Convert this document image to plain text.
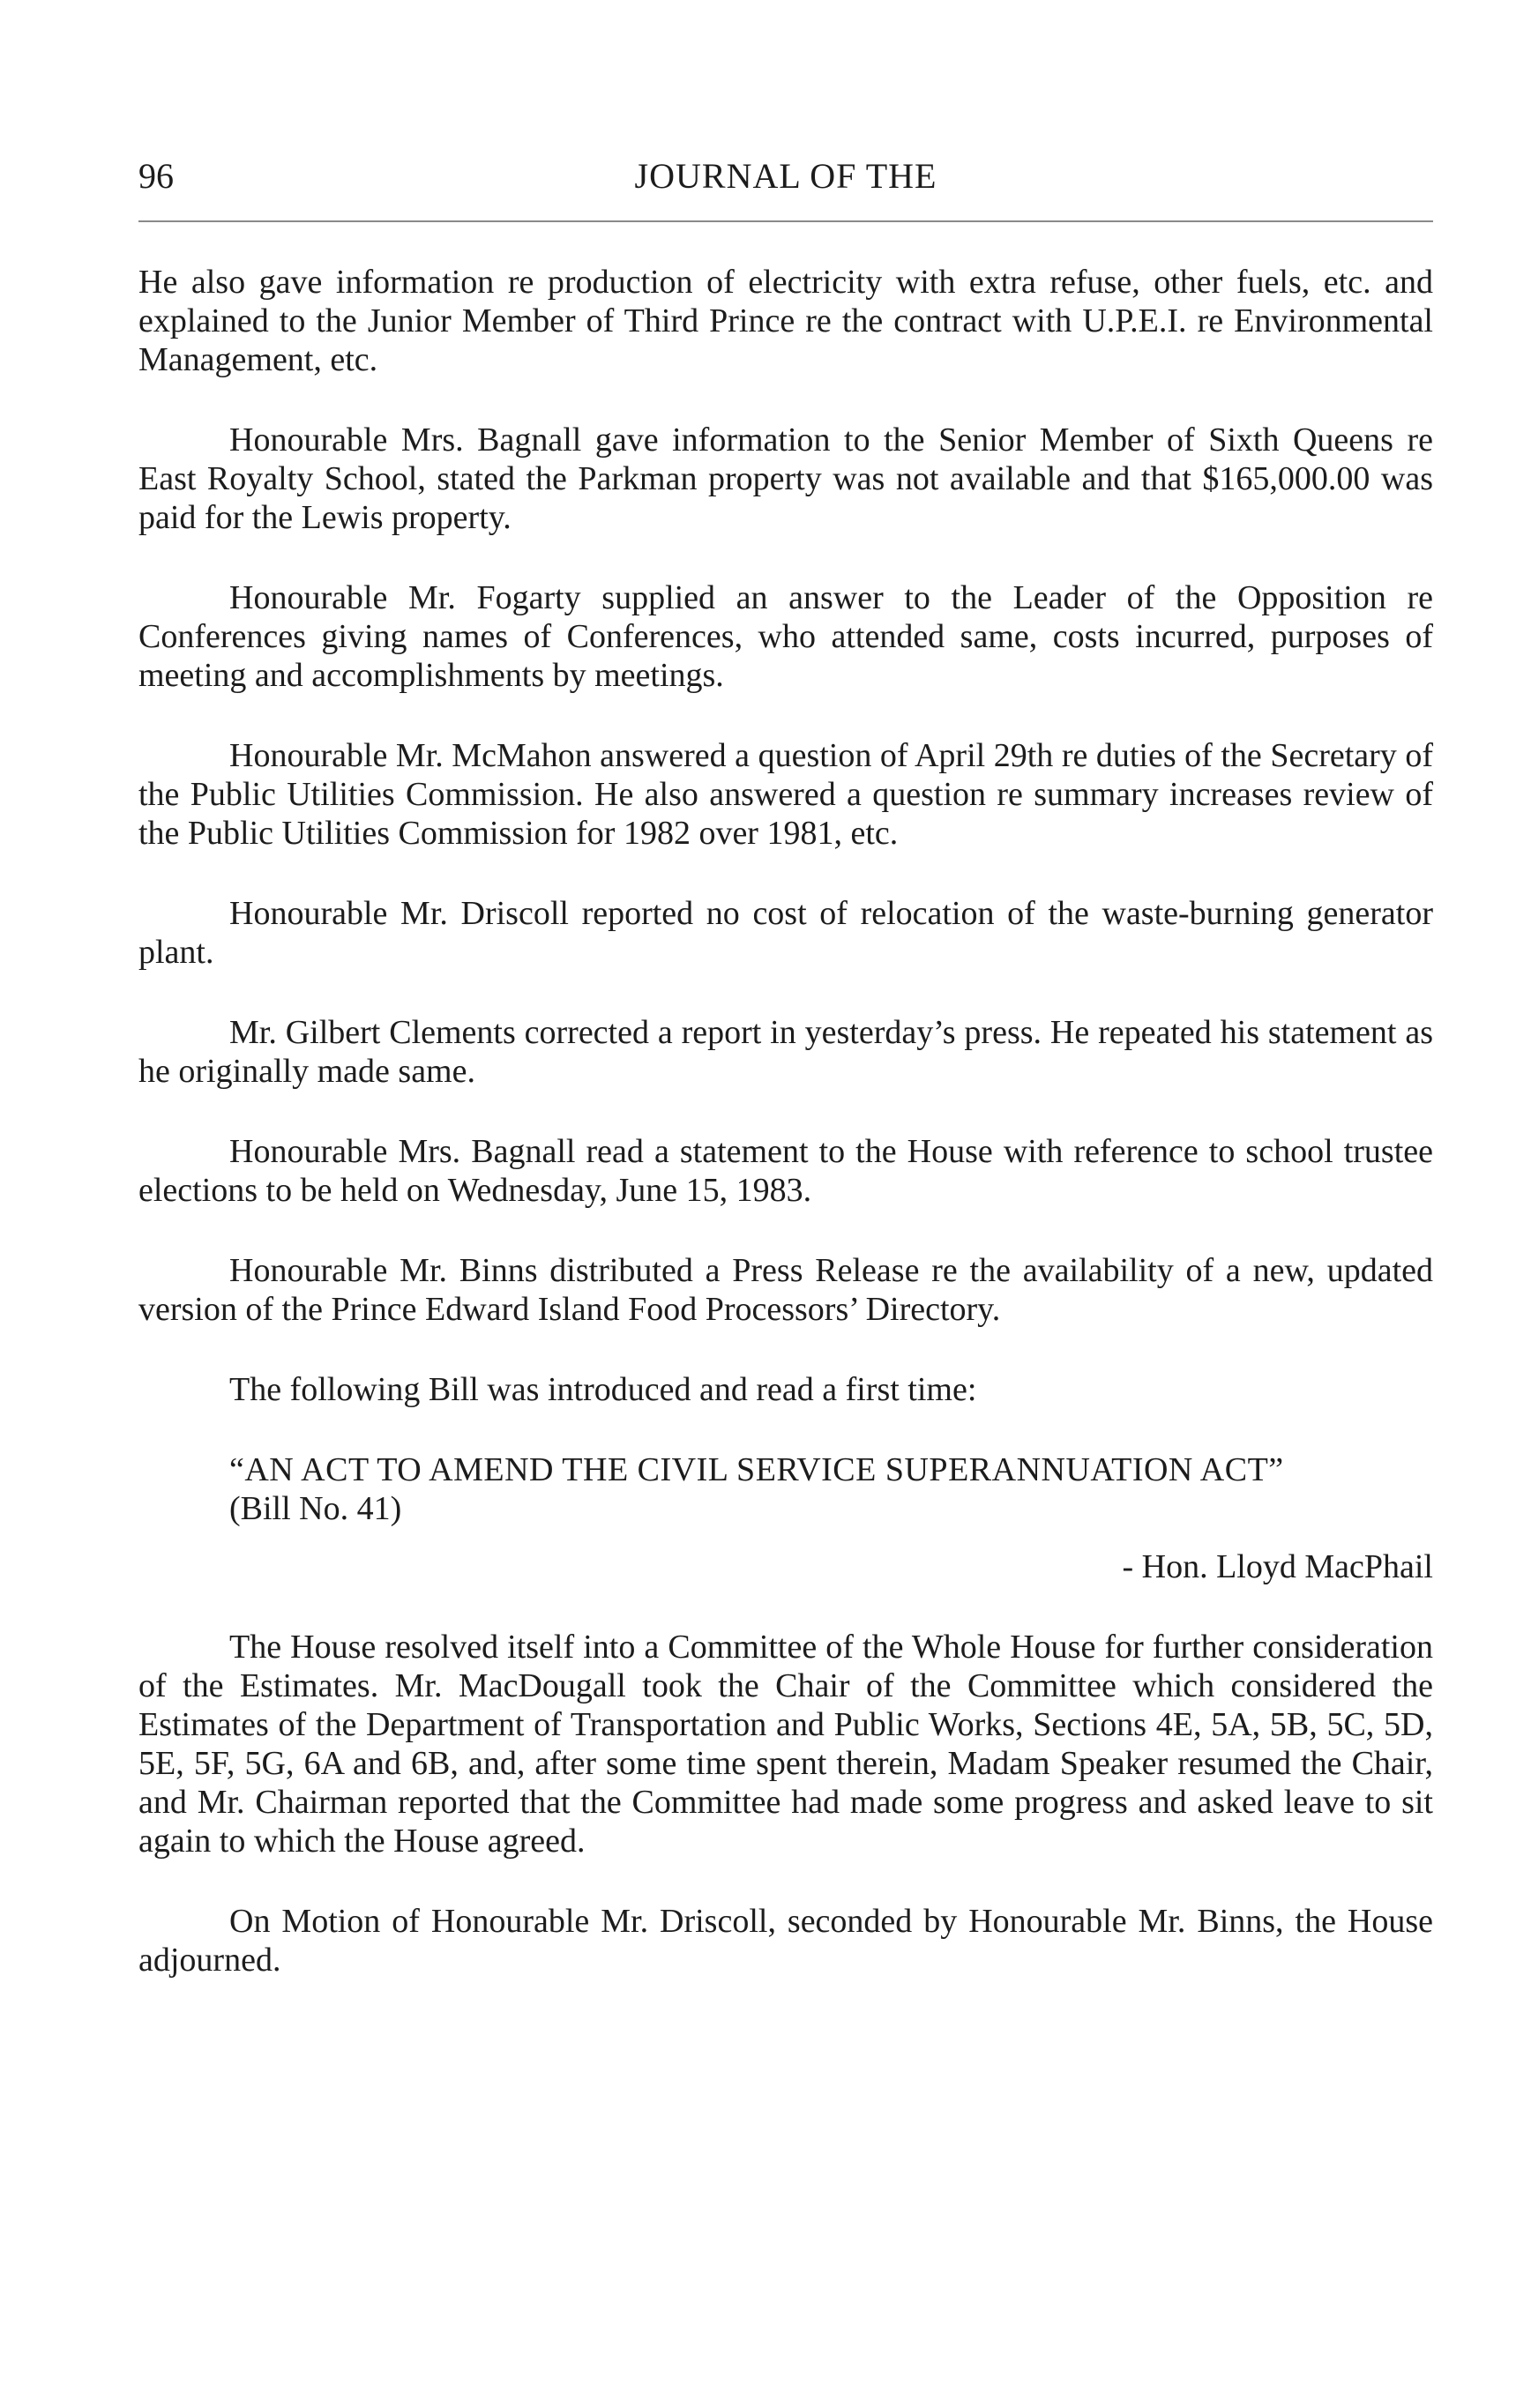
96	JOURNAL OF THE

He also gave information re production of electricity with extra refuse, other fuels, etc. and explained to the Junior Member of Third Prince re the contract with U.P.E.I. re Environmental Management, etc.

Honourable Mrs. Bagnall gave information to the Senior Member of Sixth Queens re East Royalty School, stated the Parkman property was not available and that $165,000.00 was paid for the Lewis property.

Honourable Mr. Fogarty supplied an answer to the Leader of the Opposition re Conferences giving names of Conferences, who attended same, costs incurred, purposes of meeting and accomplishments by meetings.

Honourable Mr. McMahon answered a question of April 29th re duties of the Secretary of the Public Utilities Commission. He also answered a question re summary increases review of the Public Utilities Commission for 1982 over 1981, etc.

Honourable Mr. Driscoll reported no cost of relocation of the waste-burning generator plant.

Mr. Gilbert Clements corrected a report in yesterday’s press. He repeated his statement as he originally made same.

Honourable Mrs. Bagnall read a statement to the House with reference to school trustee elections to be held on Wednesday, June 15, 1983.

Honourable Mr. Binns distributed a Press Release re the availability of a new, updated version of the Prince Edward Island Food Processors’ Directory.

The following Bill was introduced and read a first time:

“AN ACT TO AMEND THE CIVIL SERVICE SUPERANNUATION ACT”
(Bill No. 41)
- Hon. Lloyd MacPhail

The House resolved itself into a Committee of the Whole House for further consideration of the Estimates. Mr. MacDougall took the Chair of the Committee which considered the Estimates of the Department of Transportation and Public Works, Sections 4E, 5A, 5B, 5C, 5D, 5E, 5F, 5G, 6A and 6B, and, after some time spent therein, Madam Speaker resumed the Chair, and Mr. Chairman reported that the Committee had made some progress and asked leave to sit again to which the House agreed.

On Motion of Honourable Mr. Driscoll, seconded by Honourable Mr. Binns, the House adjourned.
